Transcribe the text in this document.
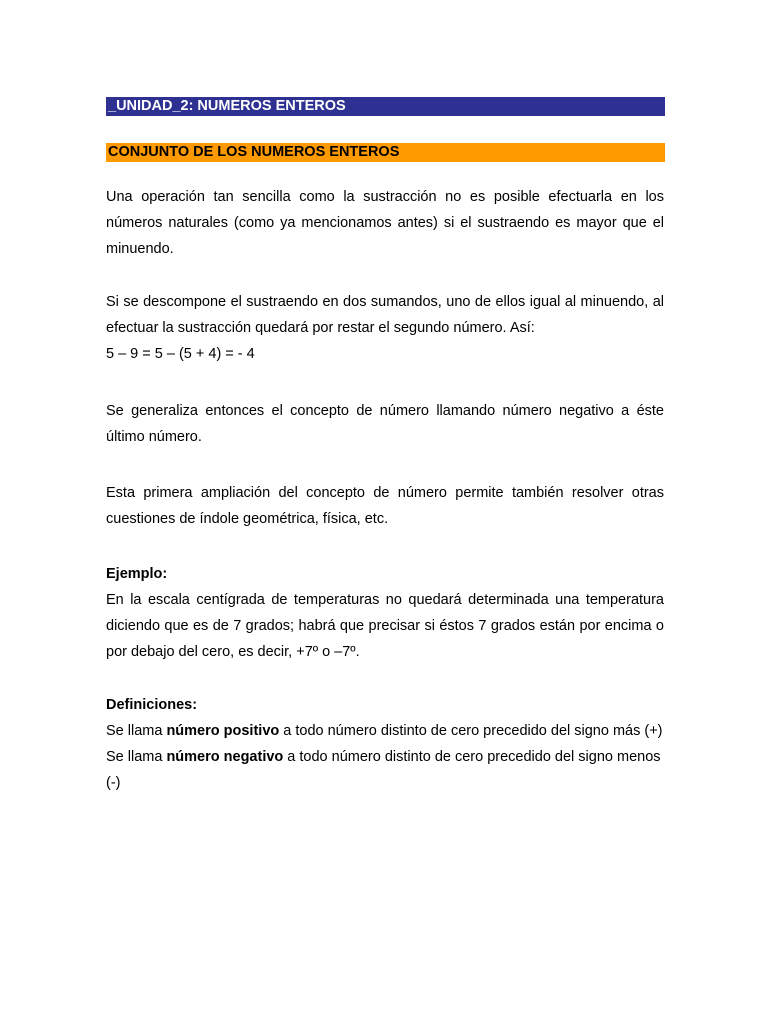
_UNIDAD_2: NUMEROS ENTEROS
CONJUNTO DE LOS NUMEROS ENTEROS

Una operación tan sencilla como la sustracción no es posible efectuarla en los números naturales (como ya mencionamos antes) si el sustraendo es mayor que el minuendo.

Si se descompone el sustraendo en dos sumandos, uno de ellos igual al minuendo, al efectuar la sustracción quedará por restar el segundo número. Así:
5 – 9 = 5 – (5 + 4) = - 4

Se generaliza entonces el concepto de número llamando número negativo a éste último número.

Esta primera ampliación del concepto de número permite también resolver otras cuestiones de índole geométrica, física, etc.

Ejemplo:
En la escala centígrada de temperaturas no quedará determinada una temperatura diciendo que es de 7 grados; habrá que precisar si éstos 7 grados están por encima o por debajo del cero, es decir, +7º o –7º.
Definiciones:
Se llama número positivo a todo número distinto de cero precedido del signo más (+)
Se llama número negativo a todo número distinto de cero precedido del signo menos (-)
